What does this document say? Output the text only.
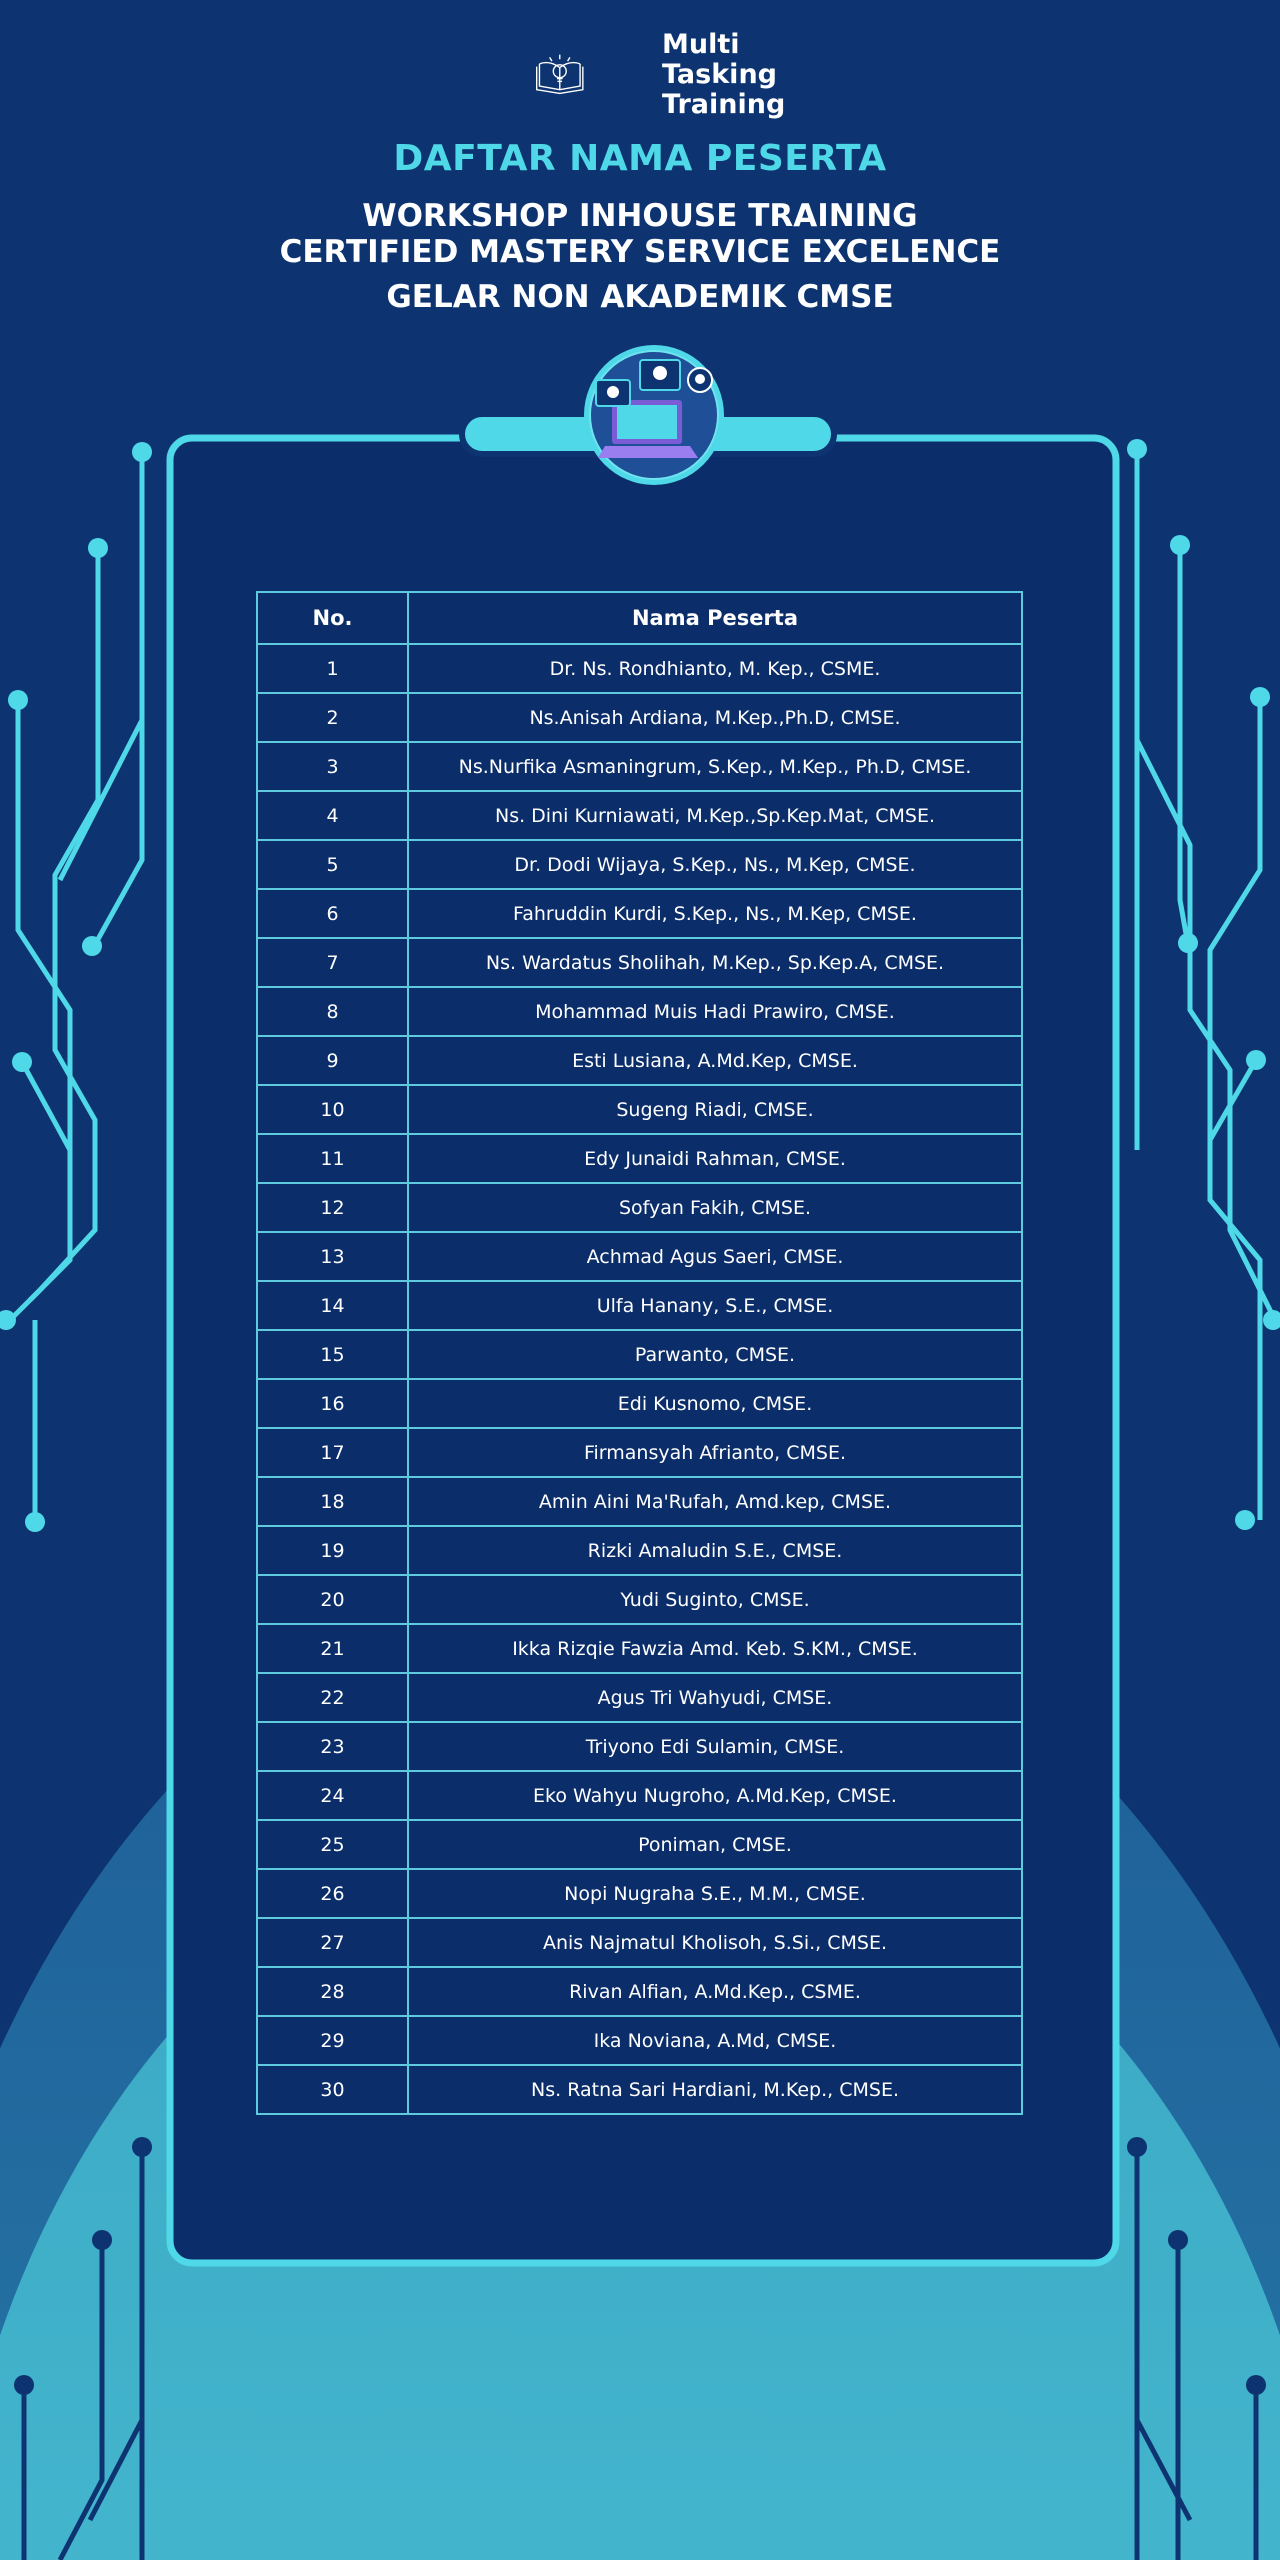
Multi
Tasking
Training
DAFTAR NAMA PESERTA
WORKSHOP INHOUSE TRAINING
CERTIFIED MASTERY SERVICE EXCELENCE
GELAR NON AKADEMIK CMSE
No.	Nama Peserta
1	Dr. Ns. Rondhianto, M. Kep., CSME.
2	Ns.Anisah Ardiana, M.Kep.,Ph.D, CMSE.
3	Ns.Nurfika Asmaningrum, S.Kep., M.Kep., Ph.D, CMSE.
4	Ns. Dini Kurniawati, M.Kep.,Sp.Kep.Mat, CMSE.
5	Dr. Dodi Wijaya, S.Kep., Ns., M.Kep, CMSE.
6	Fahruddin Kurdi, S.Kep., Ns., M.Kep, CMSE.
7	Ns. Wardatus Sholihah, M.Kep., Sp.Kep.A, CMSE.
8	Mohammad Muis Hadi Prawiro, CMSE.
9	Esti Lusiana, A.Md.Kep, CMSE.
10	Sugeng Riadi, CMSE.
11	Edy Junaidi Rahman, CMSE.
12	Sofyan Fakih, CMSE.
13	Achmad Agus Saeri, CMSE.
14	Ulfa Hanany, S.E., CMSE.
15	Parwanto, CMSE.
16	Edi Kusnomo, CMSE.
17	Firmansyah Afrianto, CMSE.
18	Amin Aini Ma'Rufah, Amd.kep, CMSE.
19	Rizki Amaludin S.E., CMSE.
20	Yudi Suginto, CMSE.
21	Ikka Rizqie Fawzia Amd. Keb. S.KM., CMSE.
22	Agus Tri Wahyudi, CMSE.
23	Triyono Edi Sulamin, CMSE.
24	Eko Wahyu Nugroho, A.Md.Kep, CMSE.
25	Poniman, CMSE.
26	Nopi Nugraha S.E., M.M., CMSE.
27	Anis Najmatul Kholisoh, S.Si., CMSE.
28	Rivan Alfian, A.Md.Kep., CSME.
29	Ika Noviana, A.Md, CMSE.
30	Ns. Ratna Sari Hardiani, M.Kep., CMSE.
